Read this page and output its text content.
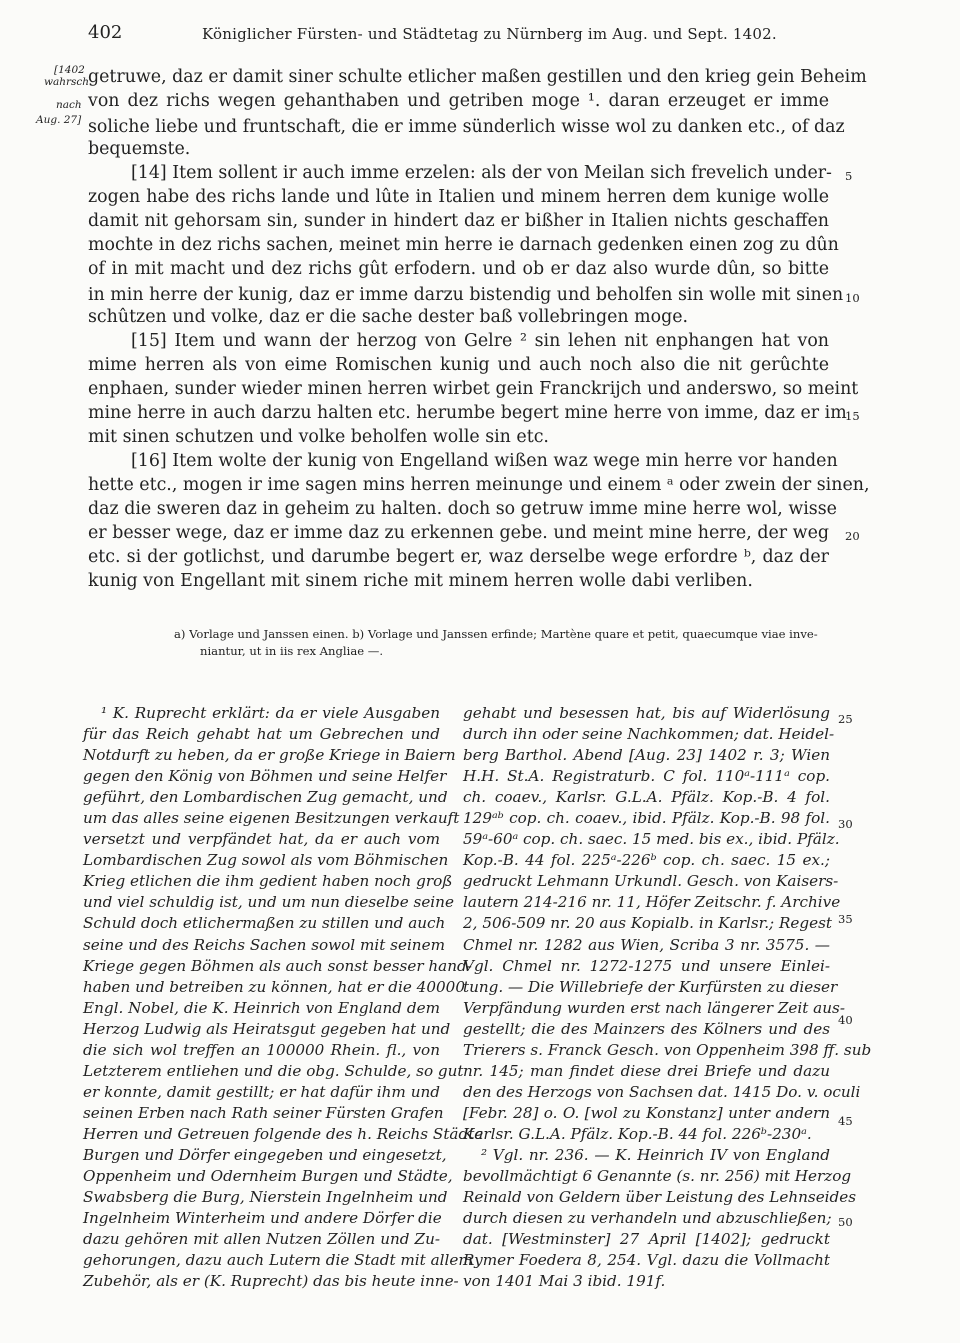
402	Königlicher Fürsten- und Städtetag zu Nürnberg im Aug. und Sept. 1402.
[1402
wahrsch.
nach
Aug. 27]
getruwe, daz er damit siner schulte etlicher maßen gestillen und den krieg gein Beheim
von dez richs wegen gehanthaben und getriben moge ¹. daran erzeuget er imme
soliche liebe und fruntschaft, die er imme sünderlich wisse wol zu danken etc., of daz
bequemste.
[14] Item sollent ir auch imme erzelen: als der von Meilan sich frevelich under-
zogen habe des richs lande und lûte in Italien und minem herren dem kunige wolle
damit nit gehorsam sin, sunder in hindert daz er bißher in Italien nichts geschaffen
mochte in dez richs sachen, meinet min herre ie darnach gedenken einen zog zu dûn
of in mit macht und dez richs gût erfodern. und ob er daz also wurde dûn, so bitte
in min herre der kunig, daz er imme darzu bistendig und beholfen sin wolle mit sinen
schûtzen und volke, daz er die sache dester baß vollebringen moge.
[15] Item und wann der herzog von Gelre ² sin lehen nit enphangen hat von
mime herren als von eime Romischen kunig und auch noch also die nit gerûchte
enphaen, sunder wieder minen herren wirbet gein Franckrijch und anderswo, so meint
mine herre in auch darzu halten etc. herumbe begert mine herre von imme, daz er im
mit sinen schutzen und volke beholfen wolle sin etc.
[16] Item wolte der kunig von Engelland wißen waz wege min herre vor handen
hette etc., mogen ir ime sagen mins herren meinunge und einem ᵃ oder zwein der sinen,
daz die sweren daz in geheim zu halten. doch so getruw imme mine herre wol, wisse
er besser wege, daz er imme daz zu erkennen gebe. und meint mine herre, der weg
etc. si der gotlichst, und darumbe begert er, waz derselbe wege erfordre ᵇ, daz der
kunig von Engellant mit sinem riche mit minem herren wolle dabi verliben.
5
10
15
20
a) Vorlage und Janssen einen. b) Vorlage und Janssen erfinde; Martène quare et petit, quaecumque viae inve-
niantur, ut in iis rex Angliae —.
¹ K. Ruprecht erklärt: da er viele Ausgaben
für das Reich gehabt hat um Gebrechen und
Notdurft zu heben, da er große Kriege in Baiern
gegen den König von Böhmen und seine Helfer
geführt, den Lombardischen Zug gemacht, und
um das alles seine eigenen Besitzungen verkauft
versetzt und verpfändet hat, da er auch vom
Lombardischen Zug sowol als vom Böhmischen
Krieg etlichen die ihm gedient haben noch groß
und viel schuldig ist, und um nun dieselbe seine
Schuld doch etlichermaßen zu stillen und auch
seine und des Reichs Sachen sowol mit seinem
Kriege gegen Böhmen als auch sonst besser hand-
haben und betreiben zu können, hat er die 40000
Engl. Nobel, die K. Heinrich von England dem
Herzog Ludwig als Heiratsgut gegeben hat und
die sich wol treffen an 100000 Rhein. fl., von
Letzterem entliehen und die obg. Schulde, so gut
er konnte, damit gestillt; er hat dafür ihm und
seinen Erben nach Rath seiner Fürsten Grafen
Herren und Getreuen folgende des h. Reichs Städte
Burgen und Dörfer eingegeben und eingesetzt,
Oppenheim und Odernheim Burgen und Städte,
Swabsberg die Burg, Nierstein Ingelnheim und
Ingelnheim Winterheim und andere Dörfer die
dazu gehören mit allen Nutzen Zöllen und Zu-
gehorungen, dazu auch Lutern die Stadt mit allem
Zubehör, als er (K. Ruprecht) das bis heute inne-
gehabt und besessen hat, bis auf Widerlösung
durch ihn oder seine Nachkommen; dat. Heidel-
berg Barthol. Abend [Aug. 23] 1402 r. 3; Wien
H.H. St.A. Registraturb. C fol. 110ᵃ-111ᵃ cop.
ch. coaev., Karlsr. G.L.A. Pfälz. Kop.-B. 4 fol.
129ᵃᵇ cop. ch. coaev., ibid. Pfälz. Kop.-B. 98 fol.
59ᵃ-60ᵃ cop. ch. saec. 15 med. bis ex., ibid. Pfälz.
Kop.-B. 44 fol. 225ᵃ-226ᵇ cop. ch. saec. 15 ex.;
gedruckt Lehmann Urkundl. Gesch. von Kaisers-
lautern 214-216 nr. 11, Höfer Zeitschr. f. Archive
2, 506-509 nr. 20 aus Kopialb. in Karlsr.; Regest
Chmel nr. 1282 aus Wien, Scriba 3 nr. 3575. —
Vgl. Chmel nr. 1272-1275 und unsere Einlei-
tung. — Die Willebriefe der Kurfürsten zu dieser
Verpfändung wurden erst nach längerer Zeit aus-
gestellt; die des Mainzers des Kölners und des
Trierers s. Franck Gesch. von Oppenheim 398 ff. sub
nr. 145; man findet diese drei Briefe und dazu
den des Herzogs von Sachsen dat. 1415 Do. v. oculi
[Febr. 28] o. O. [wol zu Konstanz] unter andern
Karlsr. G.L.A. Pfälz. Kop.-B. 44 fol. 226ᵇ-230ᵃ.
² Vgl. nr. 236. — K. Heinrich IV von England
bevollmächtigt 6 Genannte (s. nr. 256) mit Herzog
Reinald von Geldern über Leistung des Lehnseides
durch diesen zu verhandeln und abzuschließen;
dat. [Westminster] 27 April [1402]; gedruckt
Rymer Foedera 8, 254. Vgl. dazu die Vollmacht
von 1401 Mai 3 ibid. 191f.
25
30
35
40
45
50
